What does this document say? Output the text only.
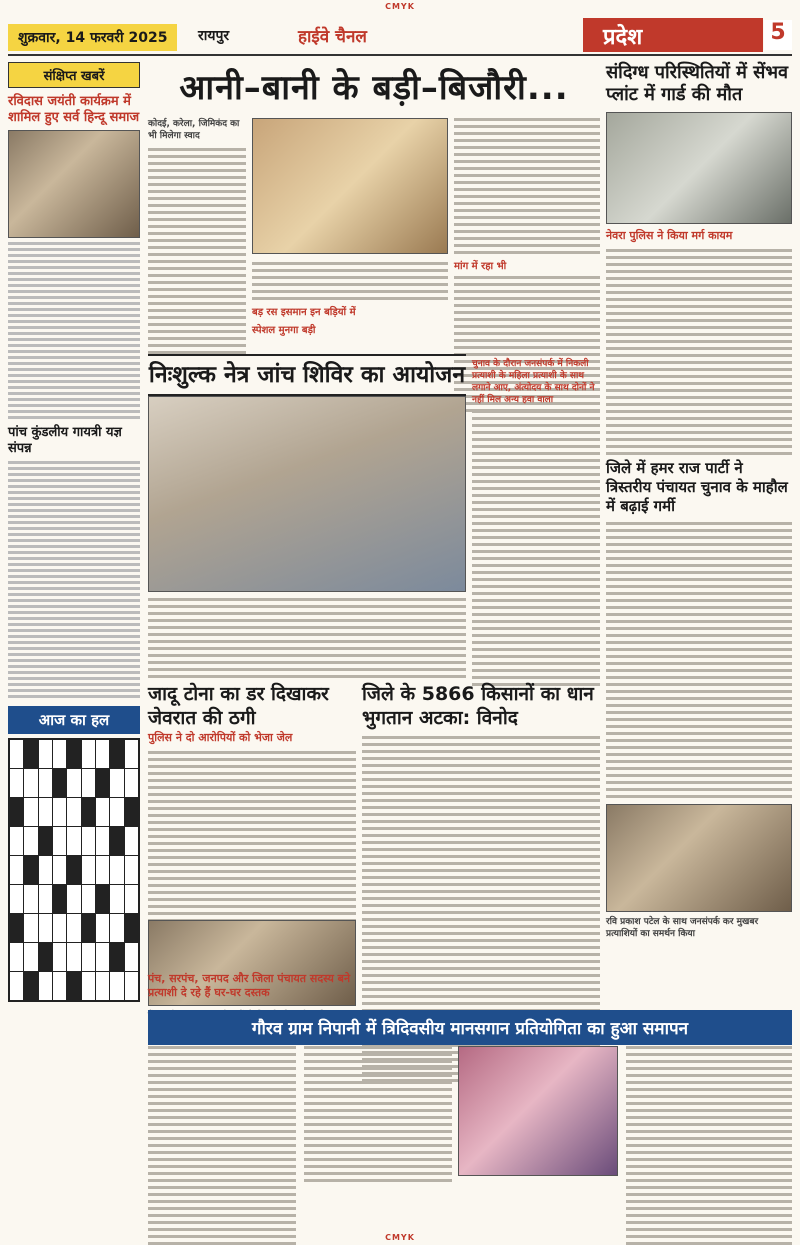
CMYK
शुक्रवार, 14 फरवरी 2025	रायपुर	हाईवे चैनल	प्रदेश	5
संक्षिप्त खबरें
रविदास जयंती कार्यक्रम में शामिल हुए सर्व हिन्दू समाज
पांच कुंडलीय गायत्री यज्ञ संपन्न
आज का हल
आनी–बानी के बड़ी–बिजौरी...
कोदई, करेला, जिमिकंद का भी मिलेगा स्वाद
मांग में रहा भी
बड़ रस इसमान इन बड़ियों में
स्पेशल मुनगा बड़ी
निःशुल्क नेत्र जांच शिविर का आयोजन चुनाव के दौरान जनसंपर्क में निकली प्रत्याशी के महिला प्रत्याशी के साथ लगाने आए, अंत्योदय के साथ दोनों ने नहीं मिल अन्य हवा वाला
जादू टोना का डर दिखाकर जेवरात की ठगी
पुलिस ने दो आरोपियों को भेजा जेल
जिले के 5866 किसानों का धान भुगतान अटका: विनोद
पंच, सरपंच, जनपद और जिला पंचायत सदस्य बने प्रत्याशी दे रहे हैं घर-घर दस्तक
संदिग्ध परिस्थितियों में सेंभव प्लांट में गार्ड की मौत
नेवरा पुलिस ने किया मर्ग कायम
जिले में हमर राज पार्टी ने त्रिस्तरीय पंचायत चुनाव के माहौल में बढ़ाई गर्मी
रवि प्रकाश पटेल के साथ जनसंपर्क कर मुखबर प्रत्याशियों का समर्थन किया
गौरव ग्राम निपानी में त्रिदिवसीय मानसगान प्रतियोगिता का हुआ समापन
CMYK
